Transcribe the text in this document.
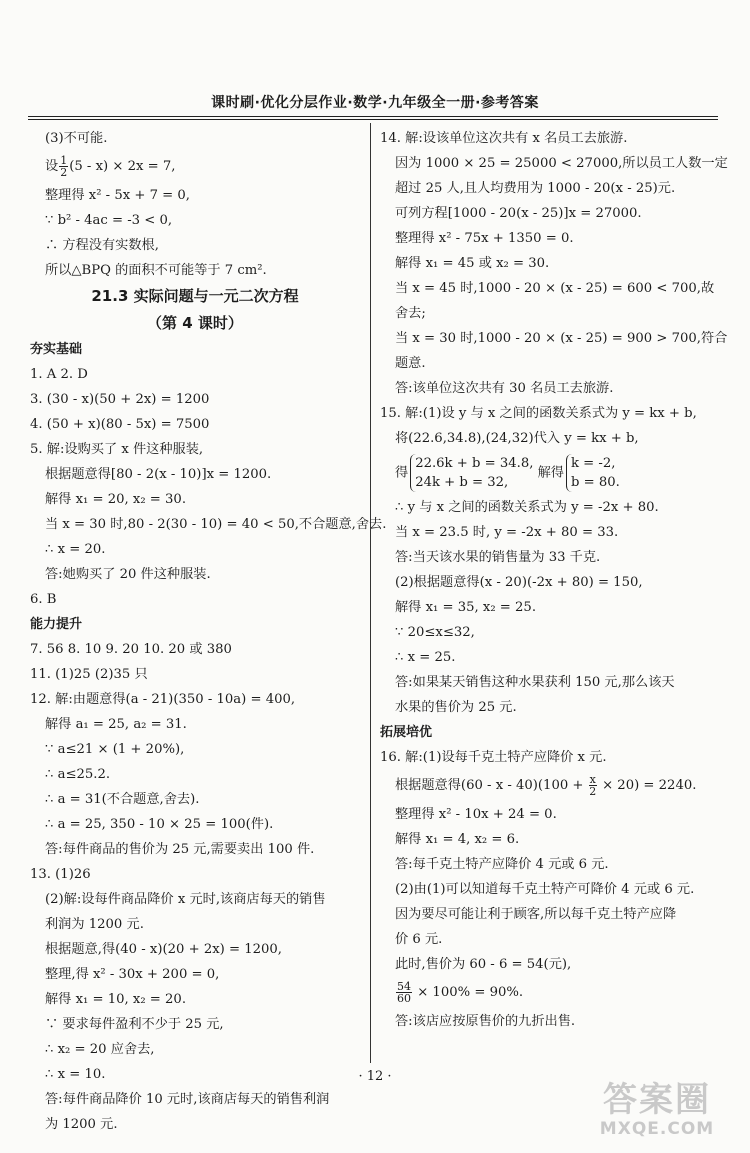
课时刷·优化分层作业·数学·九年级全一册·参考答案
(3)不可能.
设 $\frac{1}{2} (5 - x) \times 2x = 7$,
整理得 x² - 5x + 7 = 0,
∵ b² - 4ac = -3 < 0,
∴ 方程没有实数根,
所以△BPQ 的面积不可能等于 7 cm².
21.3 实际问题与一元二次方程
（第 4 课时）
夯实基础
1. A 2. D
3. (30 - x)(50 + 2x) = 1200
4. (50 + x)(80 - 5x) = 7500
5. 解:设购买了 x 件这种服装,
根据题意得[80 - 2(x - 10)]x = 1200.
解得 x₁ = 20, x₂ = 30.
当 x = 30 时,80 - 2(30 - 10) = 40 < 50,不合题意,舍去.
∴ x = 20.
答:她购买了 20 件这种服装.
6. B
能力提升
7. 56 8. 10 9. 20 10. 20 或 380
11. (1)25 (2)35 只
12. 解:由题意得(a - 21)(350 - 10a) = 400,
解得 a₁ = 25, a₂ = 31.
∵ a≤21 × (1 + 20%),
∴ a≤25.2.
∴ a = 31(不合题意,舍去).
∴ a = 25, 350 - 10 × 25 = 100(件).
答:每件商品的售价为 25 元,需要卖出 100 件.
13. (1)26
(2)解:设每件商品降价 x 元时,该商店每天的销售
利润为 1200 元.
根据题意,得(40 - x)(20 + 2x) = 1200,
整理,得 x² - 30x + 200 = 0,
解得 x₁ = 10, x₂ = 20.
∵ 要求每件盈利不少于 25 元,
∴ x₂ = 20 应舍去,
∴ x = 10.
答:每件商品降价 10 元时,该商店每天的销售利润
为 1200 元.
14. 解:设该单位这次共有 x 名员工去旅游.
因为 1000 × 25 = 25000 < 27000,所以员工人数一定
超过 25 人,且人均费用为 1000 - 20(x - 25)元.
可列方程[1000 - 20(x - 25)]x = 27000.
整理得 x² - 75x + 1350 = 0.
解得 x₁ = 45 或 x₂ = 30.
当 x = 45 时,1000 - 20 × (x - 25) = 600 < 700,故
舍去;
当 x = 30 时,1000 - 20 × (x - 25) = 900 > 700,符合
题意.
答:该单位这次共有 30 名员工去旅游.
15. 解:(1)设 y 与 x 之间的函数关系式为 y = kx + b,
将(22.6,34.8),(24,32)代入 y = kx + b,
得
22.6k + b = 34.8,
24k + b = 32,
解得
k = -2,
b = 80.
∴ y 与 x 之间的函数关系式为 y = -2x + 80.
当 x = 23.5 时, y = -2x + 80 = 33.
答:当天该水果的销售量为 33 千克.
(2)根据题意得(x - 20)(-2x + 80) = 150,
解得 x₁ = 35, x₂ = 25.
∵ 20≤x≤32,
∴ x = 25.
答:如果某天销售这种水果获利 150 元,那么该天
水果的售价为 25 元.
拓展培优
16. 解:(1)设每千克土特产应降价 x 元.
根据题意得$(60 - x - 40)(100 + \frac{x}{2} \times 20) = 2240$.
整理得 x² - 10x + 24 = 0.
解得 x₁ = 4, x₂ = 6.
答:每千克土特产应降价 4 元或 6 元.
(2)由(1)可以知道每千克土特产可降价 4 元或 6 元.
因为要尽可能让利于顾客,所以每千克土特产应降
价 6 元.
此时,售价为 60 - 6 = 54(元),
$\frac{54}{60} \times 100\% = 90\%$.
答:该店应按原售价的九折出售.
· 12 ·
答案圈
MXQE.COM
